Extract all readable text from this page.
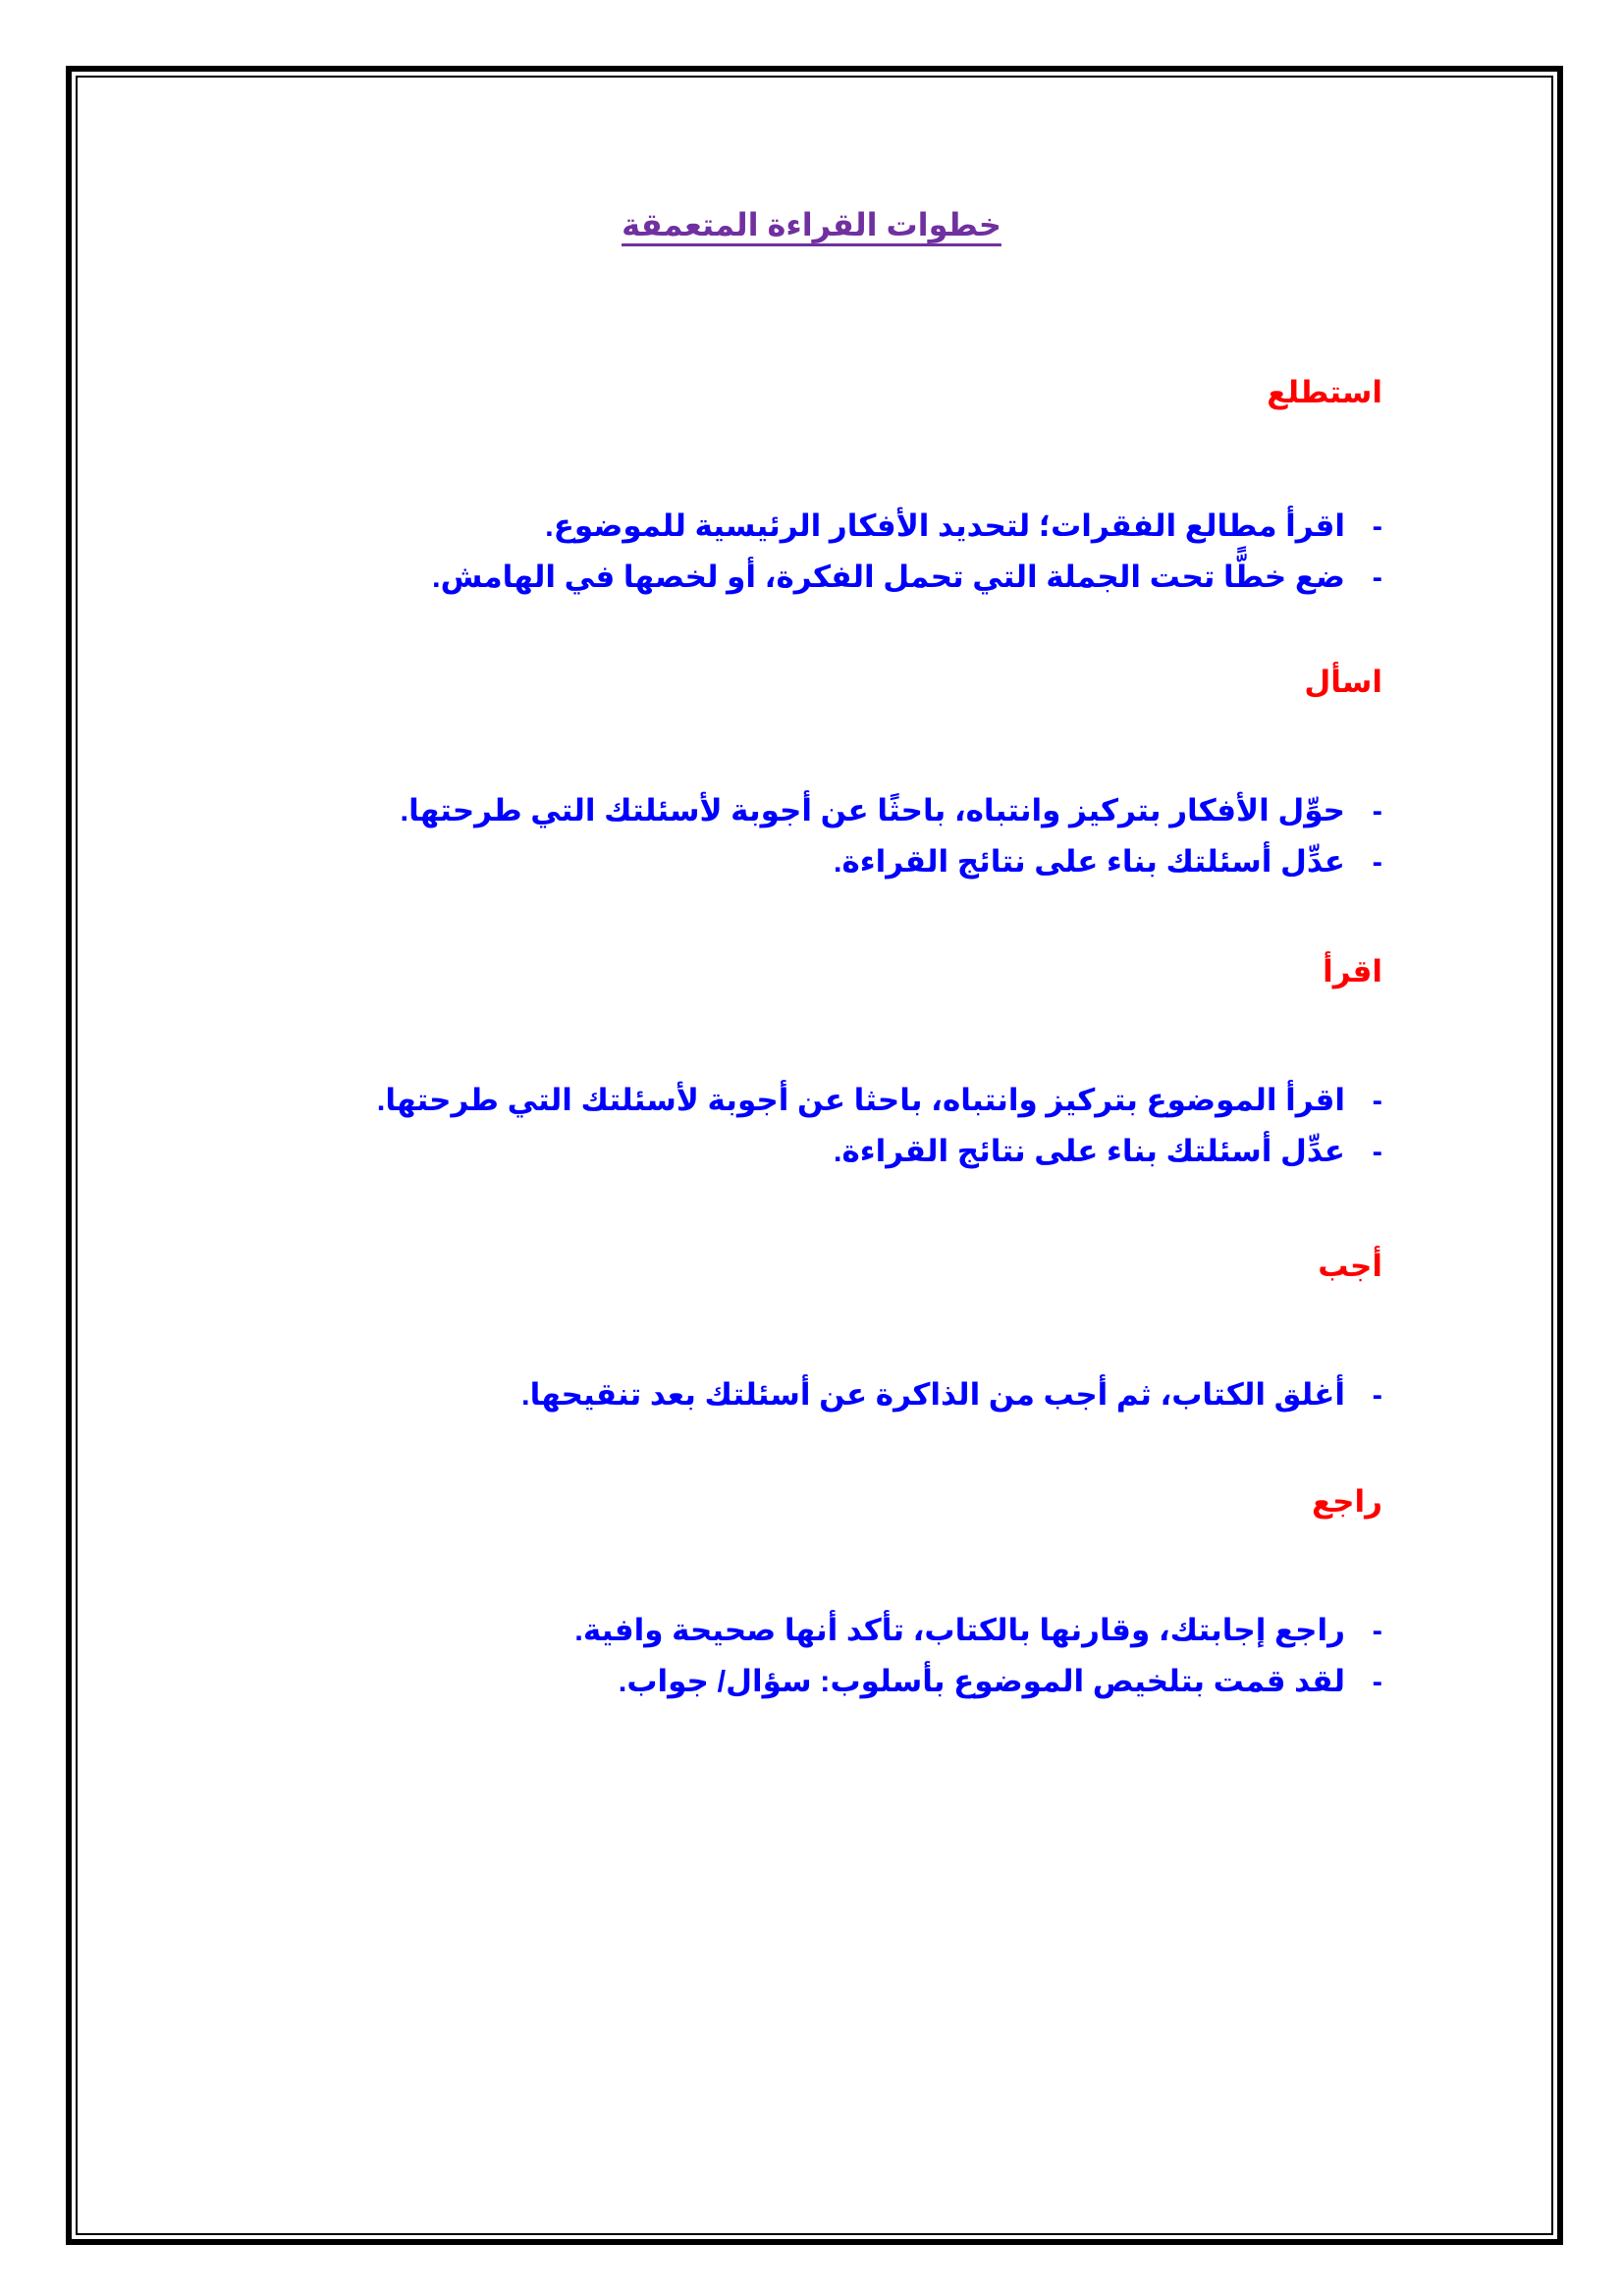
خطوات القراءة المتعمقة
استطلع
-اقرأ مطالع الفقرات؛ لتحديد الأفكار الرئيسية للموضوع.
-ضع خطًّا تحت الجملة التي تحمل الفكرة، أو لخصها في الهامش.
اسأل
-حوِّل الأفكار بتركيز وانتباه، باحثًا عن أجوبة لأسئلتك التي طرحتها.
-عدِّل أسئلتك بناء على نتائج القراءة.
اقرأ
-اقرأ الموضوع بتركيز وانتباه، باحثا عن أجوبة لأسئلتك التي طرحتها.
-عدِّل أسئلتك بناء على نتائج القراءة.
أجب
-أغلق الكتاب، ثم أجب من الذاكرة عن أسئلتك بعد تنقيحها.
راجع
-راجع إجابتك، وقارنها بالكتاب، تأكد أنها صحيحة وافية.
-لقد قمت بتلخيص الموضوع بأسلوب: سؤال/ جواب.
